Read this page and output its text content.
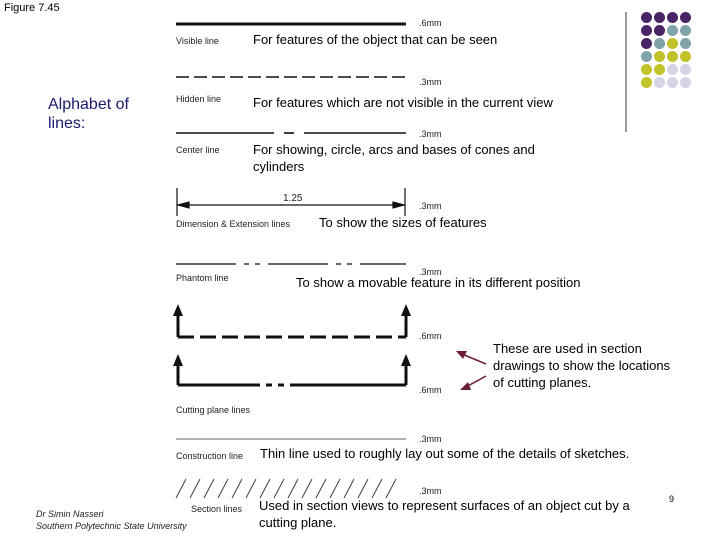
Figure 7.45
Alphabet of lines:
Visible line
Hidden line
Center line
Dimension & Extension lines
Phantom line
Cutting plane lines
Construction line
Section lines
.6mm
.3mm
.3mm
.3mm
.3mm
.6mm
.6mm
.3mm
.3mm
1.25
For features of the object that can be seen
For features which are not visible in the current view
For showing, circle, arcs and bases of cones and cylinders
To show the sizes of features
To show a movable feature in its different position
These are used in section drawings to show the locations of cutting planes.
Thin line used to roughly lay out some of the details of sketches.
Used in section views to represent surfaces of an object cut by a cutting plane.
Dr Simin Nasseri
Southern Polytechnic State University
9
